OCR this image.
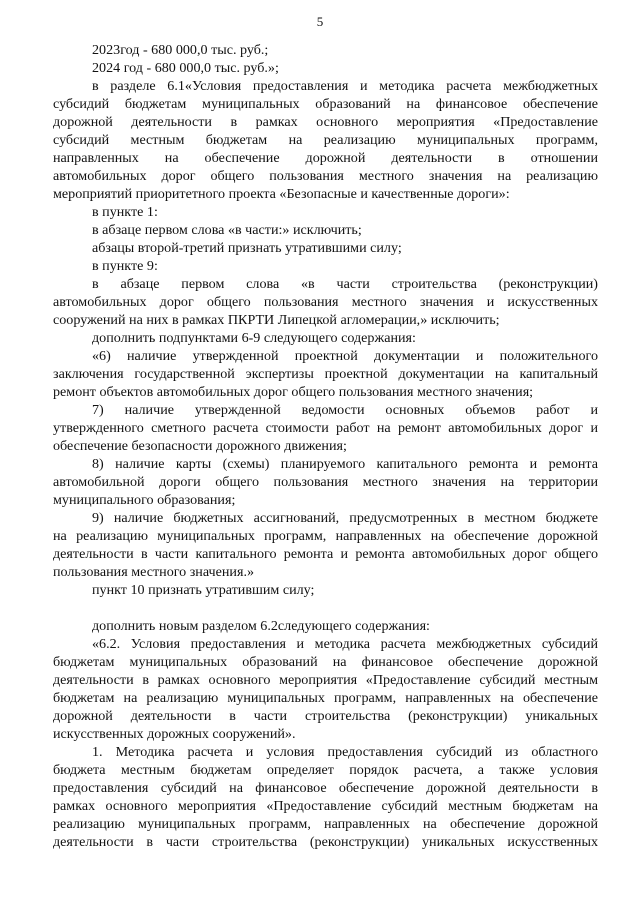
5
2023год - 680 000,0 тыс. руб.;
2024 год - 680 000,0 тыс. руб.»;
в разделе 6.1«Условия предоставления и методика расчета межбюджетных
субсидий бюджетам муниципальных образований на финансовое обеспечение
дорожной деятельности в рамках основного мероприятия «Предоставление
субсидий местным бюджетам на реализацию муниципальных программ,
направленных на обеспечение дорожной деятельности в отношении
автомобильных дорог общего пользования местного значения на реализацию
мероприятий приоритетного проекта «Безопасные и качественные дороги»:
в пункте 1:
в абзаце первом слова «в части:» исключить;
абзацы второй-третий признать утратившими силу;
в пункте 9:
в абзаце первом слова «в части строительства (реконструкции)
автомобильных дорог общего пользования местного значения и искусственных
сооружений на них в рамках ПКРТИ Липецкой агломерации,» исключить;
дополнить подпунктами 6-9 следующего содержания:
«6) наличие утвержденной проектной документации и положительного
заключения государственной экспертизы проектной документации на капитальный
ремонт объектов автомобильных дорог общего пользования местного значения;
7) наличие утвержденной ведомости основных объемов работ и
утвержденного сметного расчета стоимости работ на ремонт автомобильных дорог и
обеспечение безопасности дорожного движения;
8) наличие карты (схемы) планируемого капитального ремонта и ремонта
автомобильной дороги общего пользования местного значения на территории
муниципального образования;
9) наличие бюджетных ассигнований, предусмотренных в местном бюджете
на реализацию муниципальных программ, направленных на обеспечение дорожной
деятельности в части капитального ремонта и ремонта автомобильных дорог общего
пользования местного значения.»
пункт 10 признать утратившим силу;
дополнить новым разделом 6.2следующего содержания:
«6.2. Условия предоставления и методика расчета межбюджетных субсидий
бюджетам муниципальных образований на финансовое обеспечение дорожной
деятельности в рамках основного мероприятия «Предоставление субсидий местным
бюджетам на реализацию муниципальных программ, направленных на обеспечение
дорожной деятельности в части строительства (реконструкции) уникальных
искусственных дорожных сооружений».
1. Методика расчета и условия предоставления субсидий из областного
бюджета местным бюджетам определяет порядок расчета, а также условия
предоставления субсидий на финансовое обеспечение дорожной деятельности в
рамках основного мероприятия «Предоставление субсидий местным бюджетам на
реализацию муниципальных программ, направленных на обеспечение дорожной
деятельности в части строительства (реконструкции) уникальных искусственных
